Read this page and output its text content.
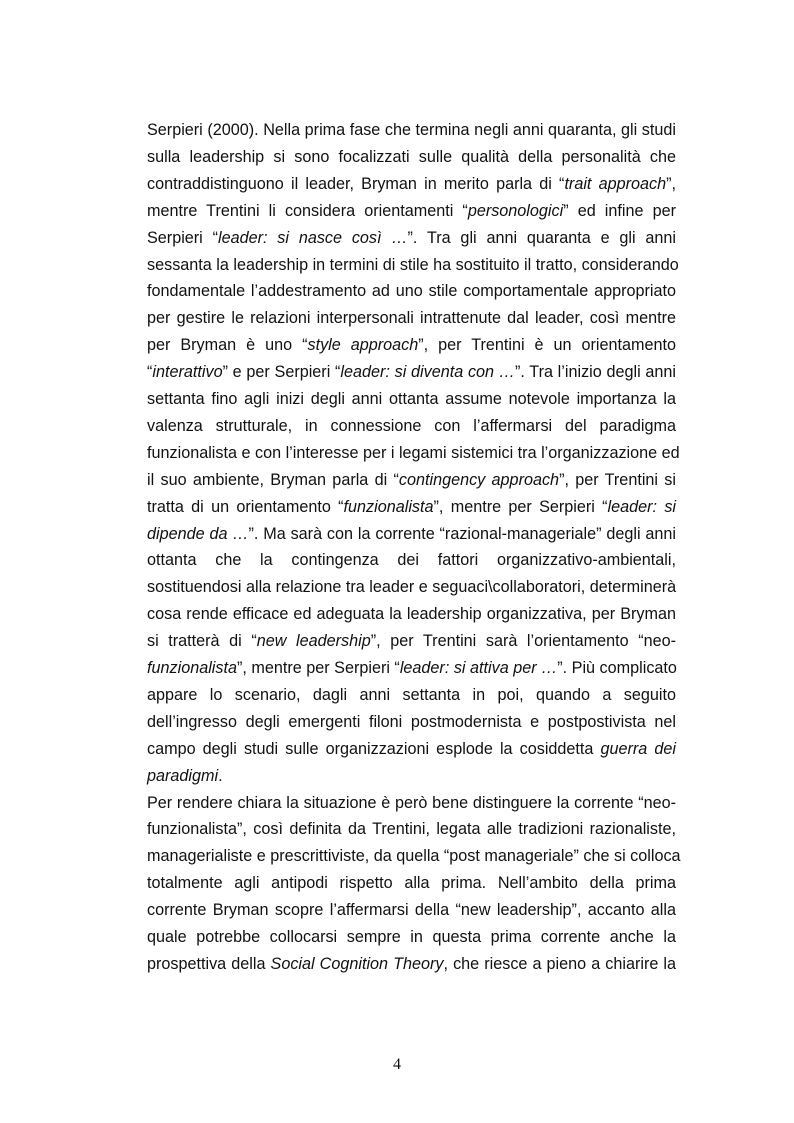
Serpieri (2000). Nella prima fase che termina negli anni quaranta, gli studi
sulla leadership si sono focalizzati sulle qualità della personalità che
contraddistinguono il leader, Bryman in merito parla di “trait approach”,
mentre Trentini li considera orientamenti “personologici” ed infine per
Serpieri “leader: si nasce così …”. Tra gli anni quaranta e gli anni
sessanta la leadership in termini di stile ha sostituito il tratto, considerando
fondamentale l’addestramento ad uno stile comportamentale appropriato
per gestire le relazioni interpersonali intrattenute dal leader, così mentre
per Bryman è uno “style approach”, per Trentini è un orientamento
“interattivo” e per Serpieri “leader: si diventa con …”. Tra l’inizio degli anni
settanta fino agli inizi degli anni ottanta assume notevole importanza la
valenza strutturale, in connessione con l’affermarsi del paradigma
funzionalista e con l’interesse per i legami sistemici tra l’organizzazione ed
il suo ambiente, Bryman parla di “contingency approach”, per Trentini si
tratta di un orientamento “funzionalista”, mentre per Serpieri “leader: si
dipende da …”. Ma sarà con la corrente “razional-manageriale” degli anni
ottanta che la contingenza dei fattori organizzativo-ambientali,
sostituendosi alla relazione tra leader e seguaci\collaboratori, determinerà
cosa rende efficace ed adeguata la leadership organizzativa, per Bryman
si tratterà di “new leadership”, per Trentini sarà l’orientamento “neo-
funzionalista”, mentre per Serpieri “leader: si attiva per …”. Più complicato
appare lo scenario, dagli anni settanta in poi, quando a seguito
dell’ingresso degli emergenti filoni postmodernista e postpostivista nel
campo degli studi sulle organizzazioni esplode la cosiddetta guerra dei
paradigmi.
Per rendere chiara la situazione è però bene distinguere la corrente “neo-
funzionalista”, così definita da Trentini, legata alle tradizioni razionaliste,
managerialiste e prescrittiviste, da quella “post manageriale” che si colloca
totalmente agli antipodi rispetto alla prima. Nell’ambito della prima
corrente Bryman scopre l’affermarsi della “new leadership”, accanto alla
quale potrebbe collocarsi sempre in questa prima corrente anche la
prospettiva della Social Cognition Theory, che riesce a pieno a chiarire la
4
